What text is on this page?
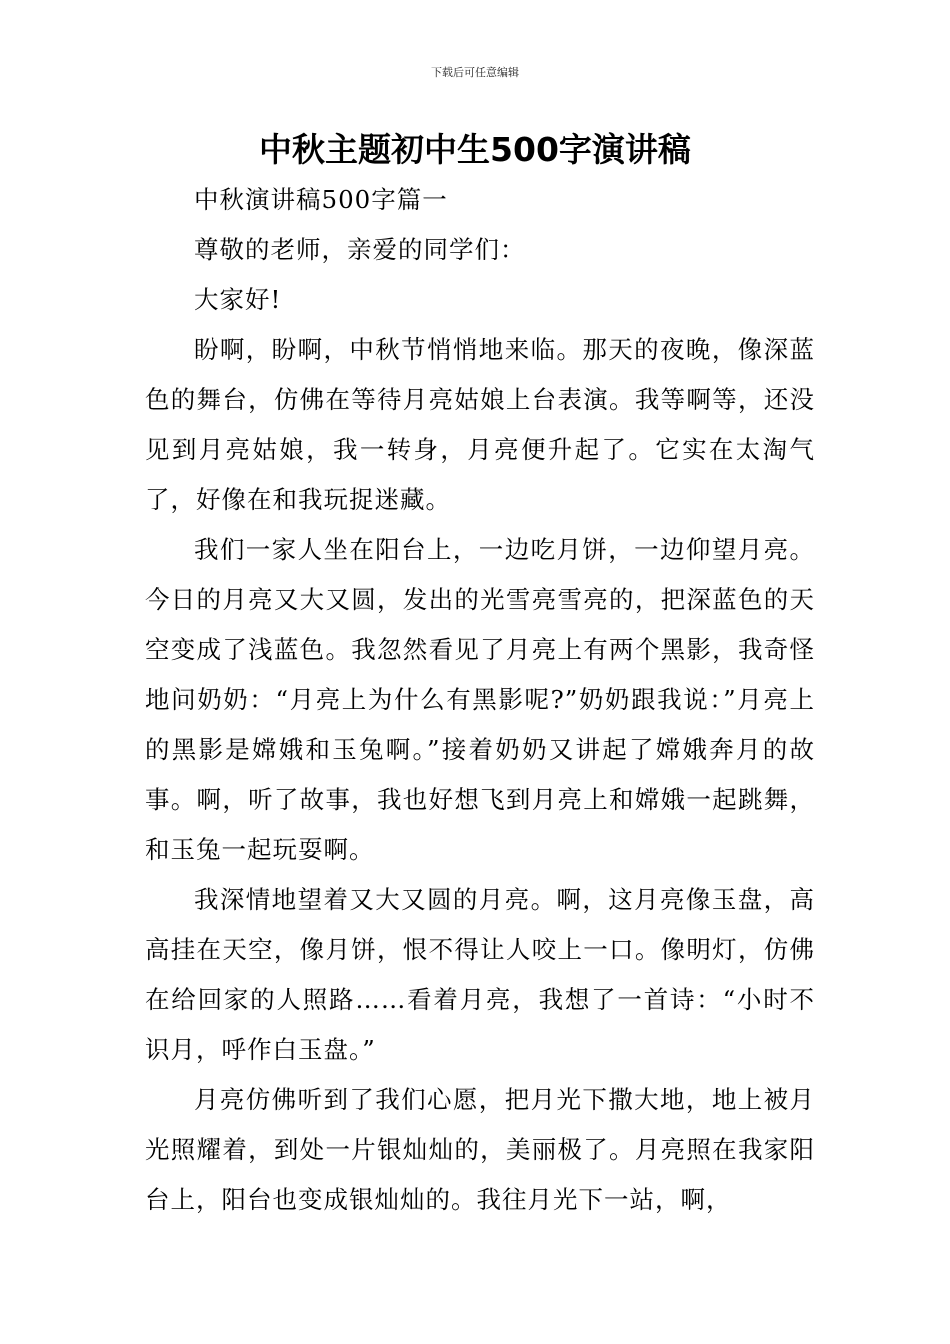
下载后可任意编辑
中秋主题初中生500字演讲稿

中秋演讲稿500字篇一

尊敬的老师，亲爱的同学们：

大家好!

盼啊，盼啊，中秋节悄悄地来临。那天的夜晚，像深蓝色的舞台，仿佛在等待月亮姑娘上台表演。我等啊等，还没见到月亮姑娘，我一转身，月亮便升起了。它实在太淘气了，好像在和我玩捉迷藏。

我们一家人坐在阳台上，一边吃月饼，一边仰望月亮。今日的月亮又大又圆，发出的光雪亮雪亮的，把深蓝色的天空变成了浅蓝色。我忽然看见了月亮上有两个黑影，我奇怪地问奶奶：“月亮上为什么有黑影呢?”奶奶跟我说：”月亮上的黑影是嫦娥和玉兔啊。”接着奶奶又讲起了嫦娥奔月的故事。啊，听了故事，我也好想飞到月亮上和嫦娥一起跳舞，和玉兔一起玩耍啊。

我深情地望着又大又圆的月亮。啊，这月亮像玉盘，高高挂在天空，像月饼，恨不得让人咬上一口。像明灯，仿佛在给回家的人照路……看着月亮，我想了一首诗：“小时不识月，呼作白玉盘。”

月亮仿佛听到了我们心愿，把月光下撒大地，地上被月光照耀着，到处一片银灿灿的，美丽极了。月亮照在我家阳台上，阳台也变成银灿灿的。我往月光下一站，啊，
